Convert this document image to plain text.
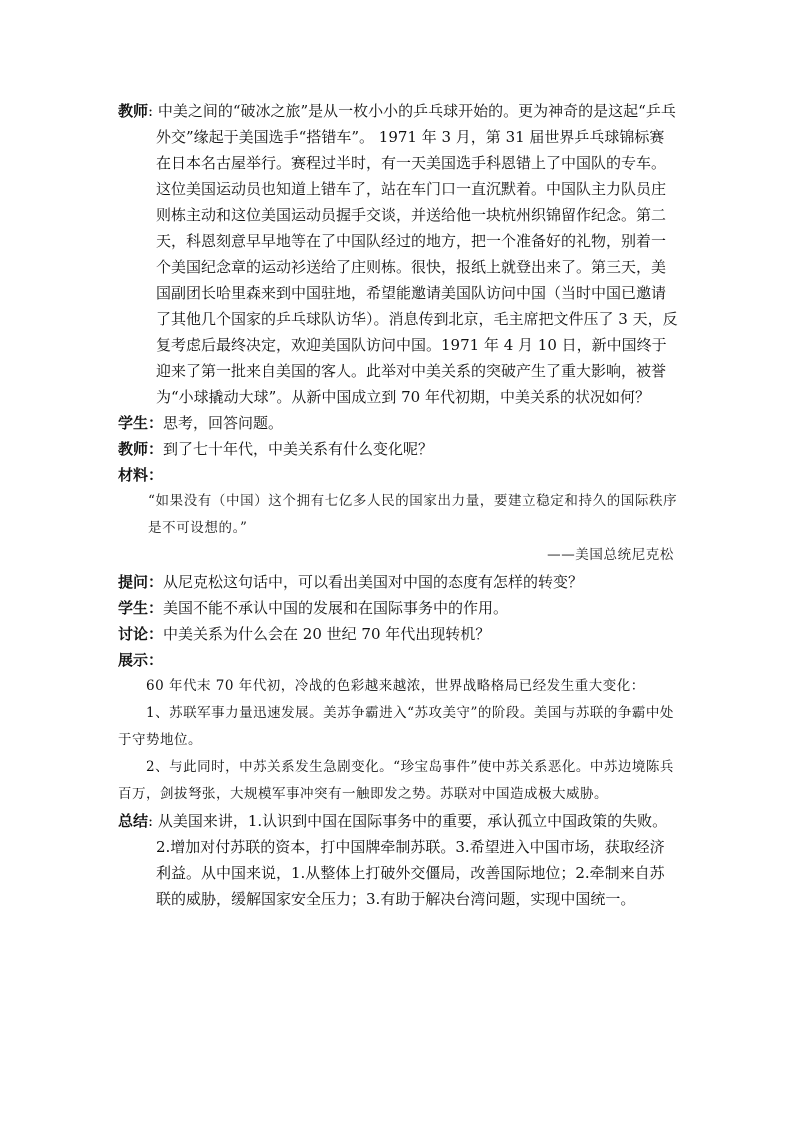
教师: 中美之间的“破冰之旅”是从一枚小小的乒乓球开始的。更为神奇的是这起“乒乓外交”缘起于美国选手“搭错车”。 1971 年 3 月，第 31 届世界乒乓球锦标赛在日本名古屋举行。赛程过半时，有一天美国选手科恩错上了中国队的专车。这位美国运动员也知道上错车了，站在车门口一直沉默着。中国队主力队员庄则栋主动和这位美国运动员握手交谈，并送给他一块杭州织锦留作纪念。第二天，科恩刻意早早地等在了中国队经过的地方，把一个准备好的礼物，别着一个美国纪念章的运动衫送给了庄则栋。很快，报纸上就登出来了。第三天，美国副团长哈里森来到中国驻地，希望能邀请美国队访问中国（当时中国已邀请了其他几个国家的乒乓球队访华）。消息传到北京，毛主席把文件压了 3 天，反复考虑后最终决定，欢迎美国队访问中国。1971 年 4 月 10 日，新中国终于迎来了第一批来自美国的客人。此举对中美关系的突破产生了重大影响，被誉为“小球撬动大球”。从新中国成立到 70 年代初期，中美关系的状况如何？

学生：思考，回答问题。

教师：到了七十年代，中美关系有什么变化呢？

材料：

“如果没有（中国）这个拥有七亿多人民的国家出力量，要建立稳定和持久的国际秩序是不可设想的。”

——美国总统尼克松

提问：从尼克松这句话中，可以看出美国对中国的态度有怎样的转变？

学生：美国不能不承认中国的发展和在国际事务中的作用。

讨论：中美关系为什么会在 20 世纪 70 年代出现转机？

展示：

60 年代末 70 年代初，冷战的色彩越来越浓，世界战略格局已经发生重大变化：

1、苏联军事力量迅速发展。美苏争霸进入“苏攻美守”的阶段。美国与苏联的争霸中处于守势地位。

2、与此同时，中苏关系发生急剧变化。“珍宝岛事件”使中苏关系恶化。中苏边境陈兵百万，剑拔弩张，大规模军事冲突有一触即发之势。苏联对中国造成极大威胁。

总结: 从美国来讲，1.认识到中国在国际事务中的重要，承认孤立中国政策的失败。2.增加对付苏联的资本，打中国牌牵制苏联。3.希望进入中国市场，获取经济利益。从中国来说，1.从整体上打破外交僵局，改善国际地位；2.牵制来自苏联的威胁，缓解国家安全压力；3.有助于解决台湾问题，实现中国统一。
